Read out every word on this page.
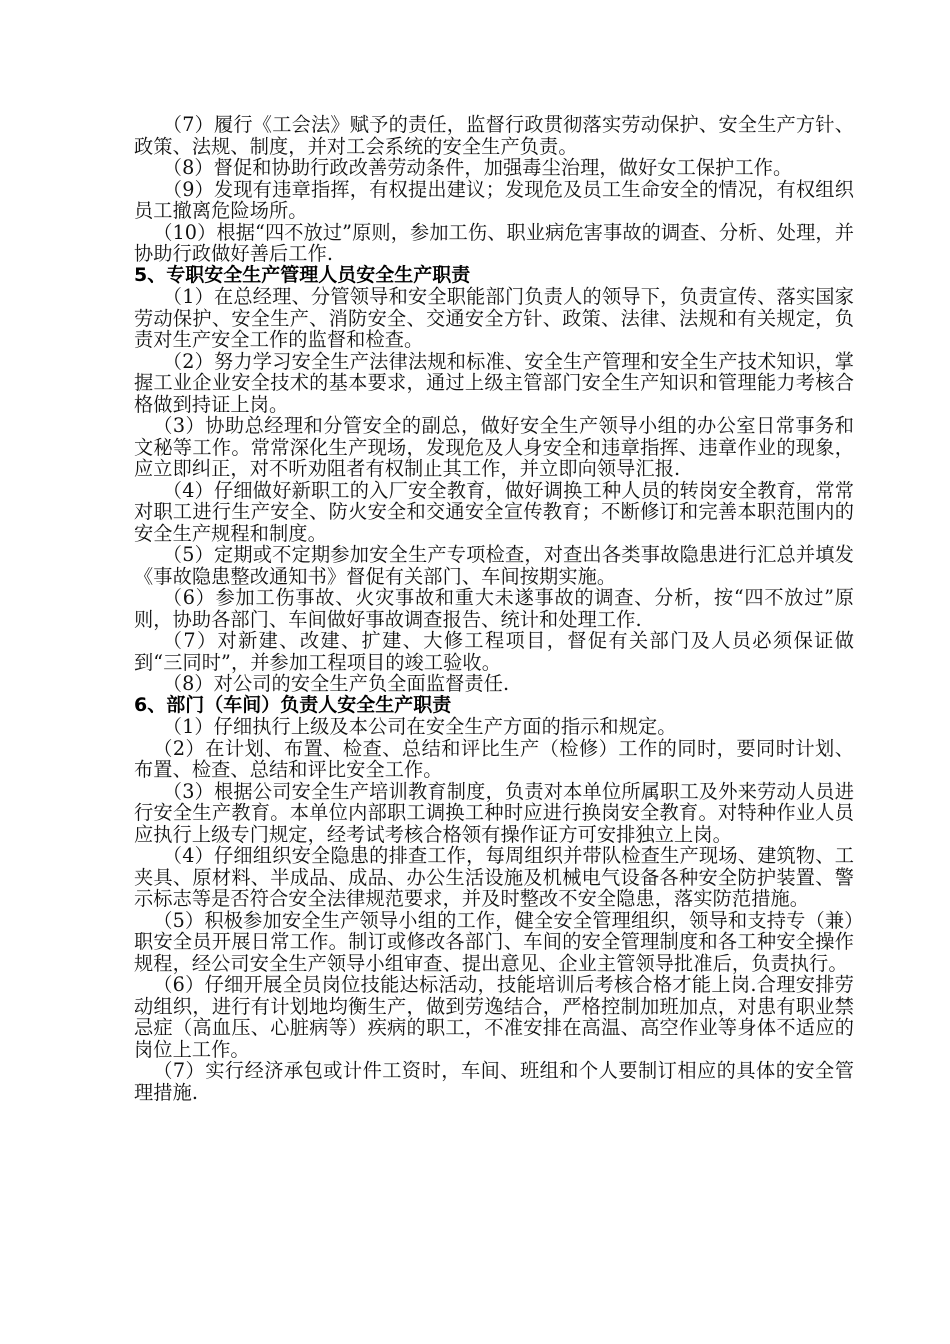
（7）履行《工会法》赋予的责任，监督行政贯彻落实劳动保护、安全生产方针、政策、法规、制度，并对工会系统的安全生产负责。

（8）督促和协助行政改善劳动条件，加强毒尘治理，做好女工保护工作。

（9）发现有违章指挥，有权提出建议；发现危及员工生命安全的情况，有权组织员工撤离危险场所。

（10）根据“四不放过”原则，参加工伤、职业病危害事故的调查、分析、处理，并协助行政做好善后工作.

5、专职安全生产管理人员安全生产职责

（1）在总经理、分管领导和安全职能部门负责人的领导下，负责宣传、落实国家劳动保护、安全生产、消防安全、交通安全方针、政策、法律、法规和有关规定，负责对生产安全工作的监督和检查。

（2）努力学习安全生产法律法规和标准、安全生产管理和安全生产技术知识，掌握工业企业安全技术的基本要求，通过上级主管部门安全生产知识和管理能力考核合格做到持证上岗。

（3）协助总经理和分管安全的副总，做好安全生产领导小组的办公室日常事务和文秘等工作。常常深化生产现场，发现危及人身安全和违章指挥、违章作业的现象，应立即纠正，对不听劝阻者有权制止其工作，并立即向领导汇报.

（4）仔细做好新职工的入厂安全教育，做好调换工种人员的转岗安全教育，常常对职工进行生产安全、防火安全和交通安全宣传教育；不断修订和完善本职范围内的安全生产规程和制度。

（5）定期或不定期参加安全生产专项检查，对查出各类事故隐患进行汇总并填发《事故隐患整改通知书》督促有关部门、车间按期实施。

（6）参加工伤事故、火灾事故和重大未遂事故的调查、分析，按“四不放过”原则，协助各部门、车间做好事故调查报告、统计和处理工作.

（7）对新建、改建、扩建、大修工程项目，督促有关部门及人员必须保证做到“三同时”，并参加工程项目的竣工验收。

（8）对公司的安全生产负全面监督责任.

6、部门（车间）负责人安全生产职责

（1）仔细执行上级及本公司在安全生产方面的指示和规定。

（2）在计划、布置、检查、总结和评比生产（检修）工作的同时，要同时计划、布置、检查、总结和评比安全工作。

（3）根据公司安全生产培训教育制度，负责对本单位所属职工及外来劳动人员进行安全生产教育。本单位内部职工调换工种时应进行换岗安全教育。对特种作业人员应执行上级专门规定，经考试考核合格领有操作证方可安排独立上岗。

（4）仔细组织安全隐患的排查工作，每周组织并带队检查生产现场、建筑物、工夹具、原材料、半成品、成品、办公生活设施及机械电气设备各种安全防护装置、警示标志等是否符合安全法律规范要求，并及时整改不安全隐患，落实防范措施。

（5）积极参加安全生产领导小组的工作，健全安全管理组织，领导和支持专（兼）职安全员开展日常工作。制订或修改各部门、车间的安全管理制度和各工种安全操作规程，经公司安全生产领导小组审查、提出意见、企业主管领导批准后，负责执行。

（6）仔细开展全员岗位技能达标活动，技能培训后考核合格才能上岗.合理安排劳动组织，进行有计划地均衡生产，做到劳逸结合，严格控制加班加点，对患有职业禁忌症（高血压、心脏病等）疾病的职工，不准安排在高温、高空作业等身体不适应的岗位上工作。

（7）实行经济承包或计件工资时，车间、班组和个人要制订相应的具体的安全管理措施.
